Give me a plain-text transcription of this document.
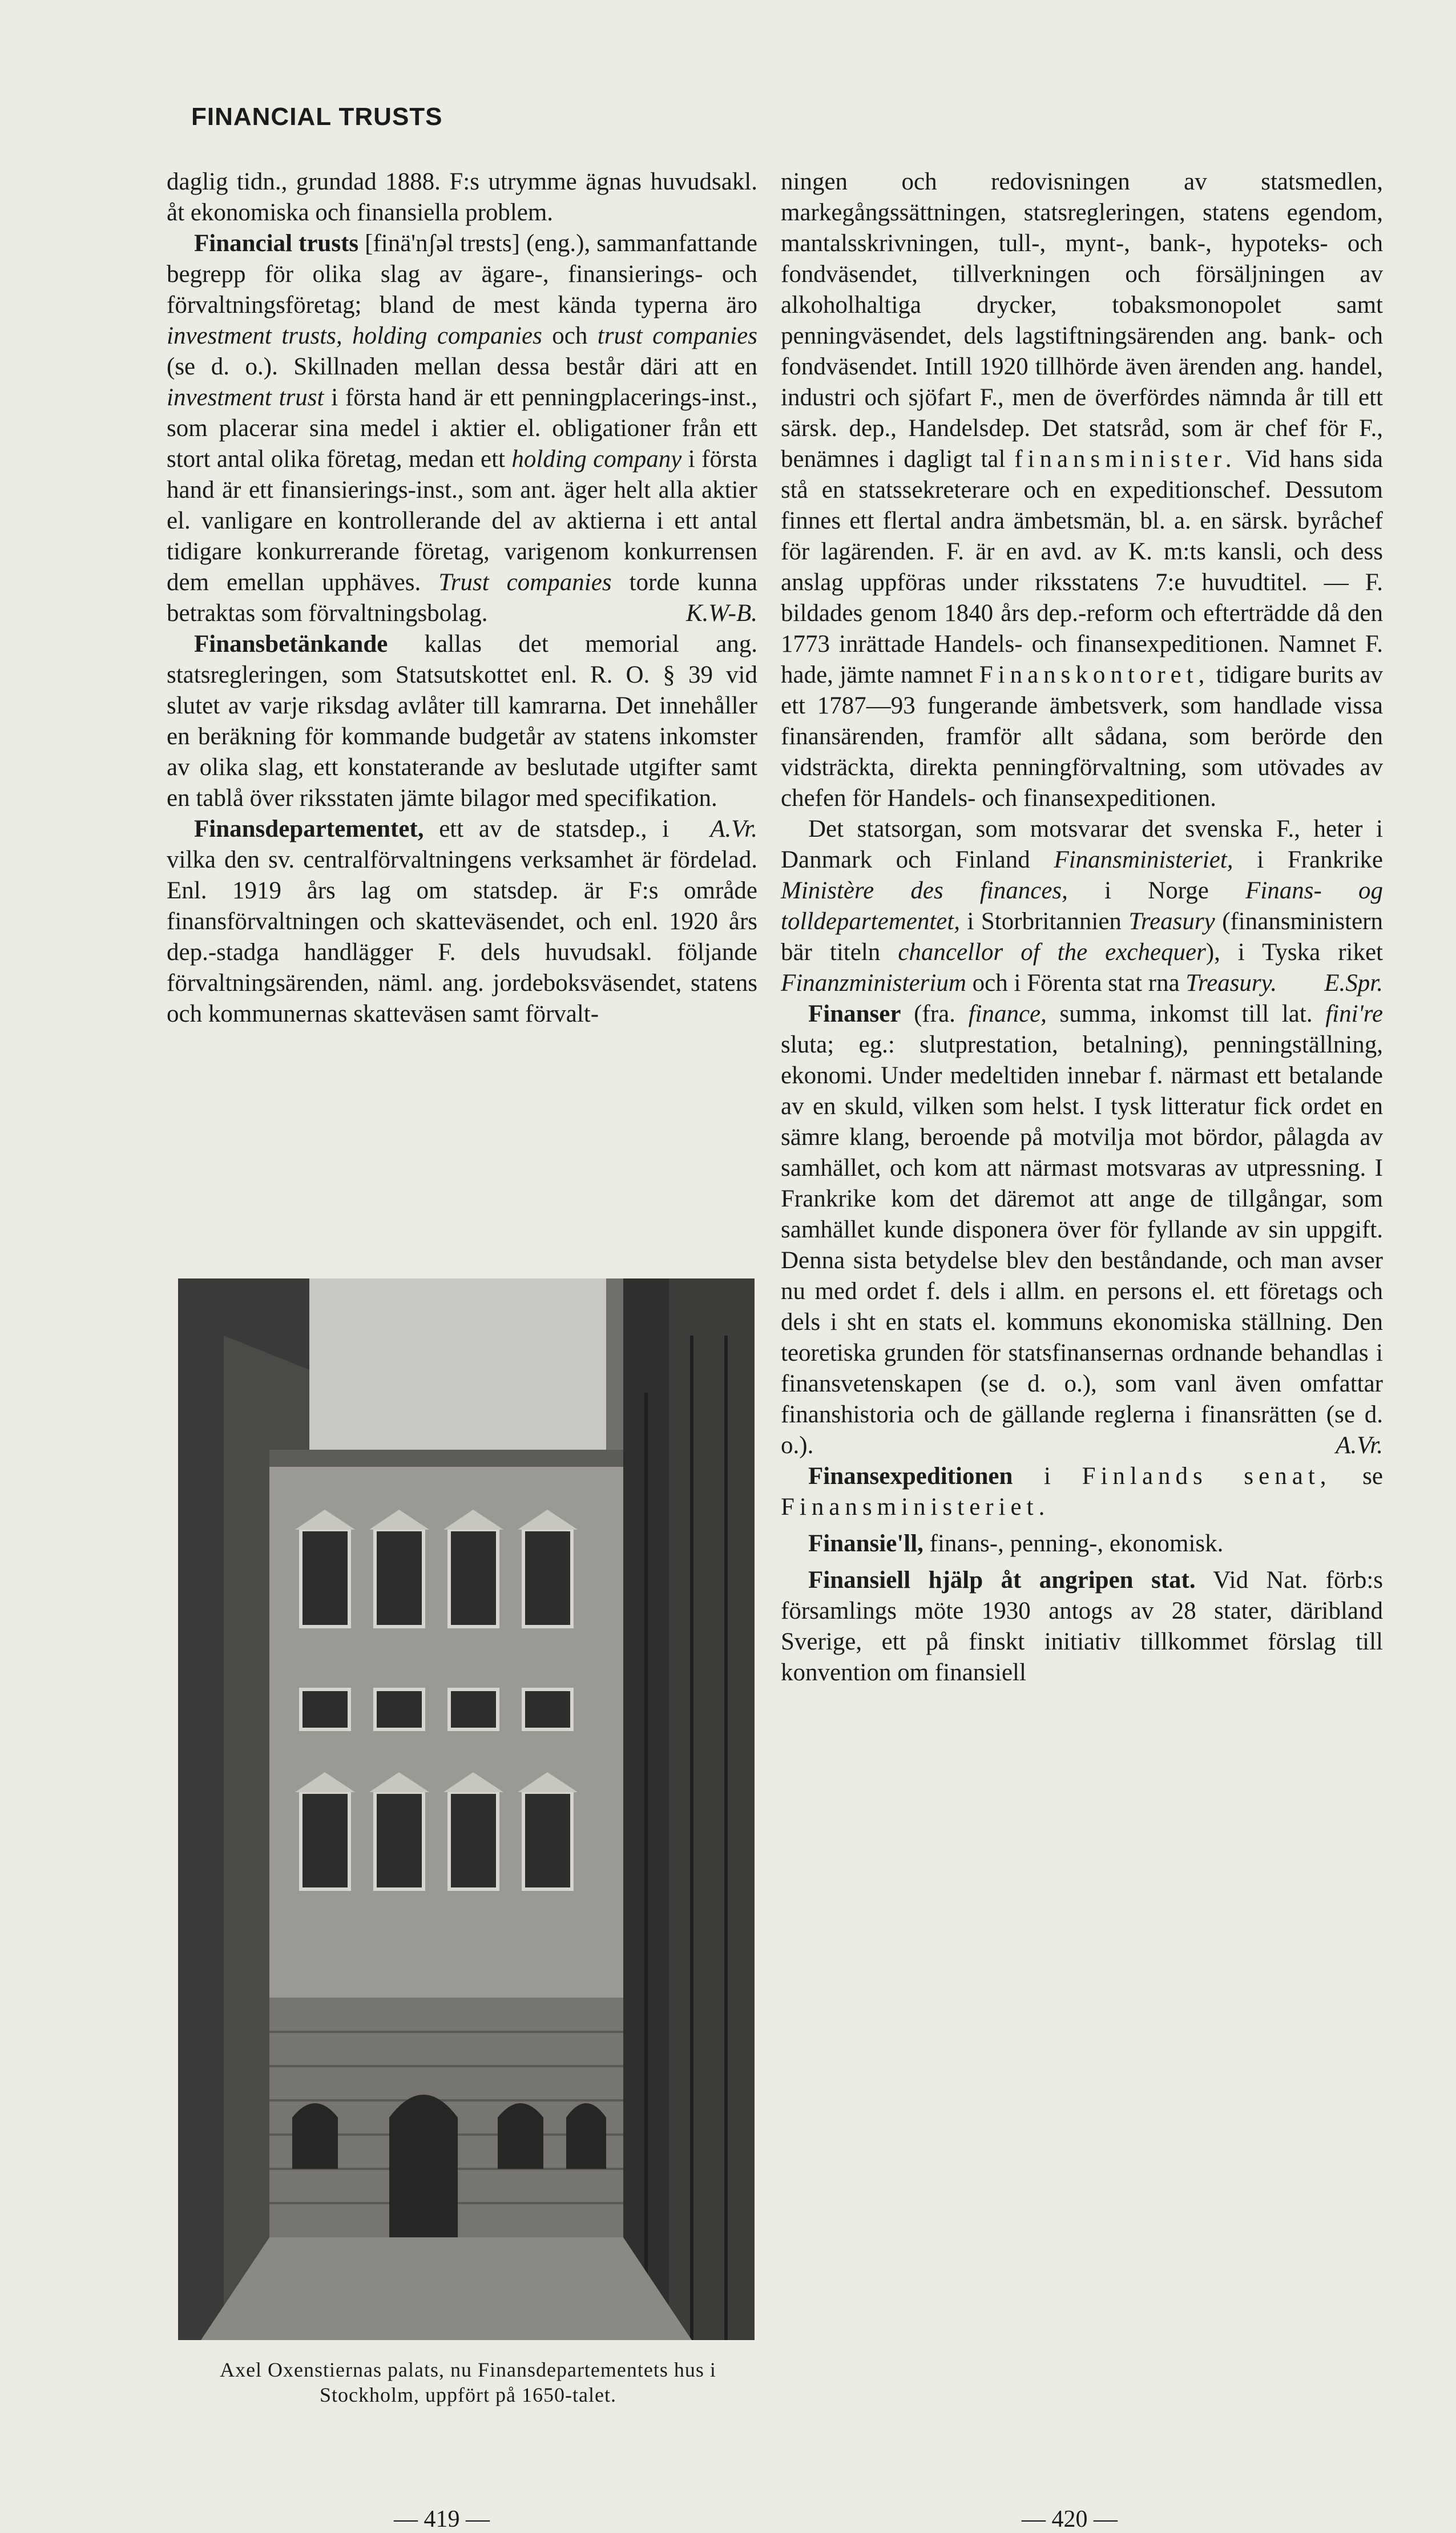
FINANCIAL TRUSTS

daglig tidn., grundad 1888. F:s utrymme ägnas huvudsakl. åt ekonomiska och finansiella problem.

Financial trusts [finä'nʃəl trɐsts] (eng.), sammanfattande begrepp för olika slag av ägare-, finansierings- och förvaltningsföretag; bland de mest kända typerna äro investment trusts, holding companies och trust companies (se d. o.). Skillnaden mellan dessa består däri att en investment trust i första hand är ett penningplacerings-inst., som placerar sina medel i aktier el. obligationer från ett stort antal olika företag, medan ett holding company i första hand är ett finansierings-inst., som ant. äger helt alla aktier el. vanligare en kontrollerande del av aktierna i ett antal tidigare konkurrerande företag, varigenom konkurrensen dem emellan upphäves. Trust companies torde kunna betraktas som förvaltningsbolag.	K.W-B.

Finansbetänkande kallas det memorial ang. statsregleringen, som Statsutskottet enl. R. O. § 39 vid slutet av varje riksdag avlåter till kamrarna. Det innehåller en beräkning för kommande budgetår av statens inkomster av olika slag, ett konstaterande av beslutade utgifter samt en tablå över riksstaten jämte bilagor med specifikation.
A.Vr.

Finansdepartementet, ett av de statsdep., i vilka den sv. centralförvaltningens verksamhet är fördelad. Enl. 1919 års lag om statsdep. är F:s område finansförvaltningen och skatteväsendet, och enl. 1920 års dep.-stadga handlägger F. dels huvudsakl. följande förvaltningsärenden, näml. ang. jordeboksväsendet, statens och kommunernas skatteväsen samt förvalt-

Axel Oxenstiernas palats, nu Finansdepartementets hus i Stockholm, uppfört på 1650-talet.

ningen och redovisningen av statsmedlen, markegångssättningen, statsregleringen, statens egendom, mantalsskrivningen, tull-, mynt-, bank-, hypoteks- och fondväsendet, tillverkningen och försäljningen av alkoholhaltiga drycker, tobaksmonopolet samt penningväsendet, dels lagstiftningsärenden ang. bank- och fondväsendet. Intill 1920 tillhörde även ärenden ang. handel, industri och sjöfart F., men de överfördes nämnda år till ett särsk. dep., Handelsdep. Det statsråd, som är chef för F., benämnes i dagligt tal finansminister. Vid hans sida stå en statssekreterare och en expeditionschef. Dessutom finnes ett flertal andra ämbetsmän, bl. a. en särsk. byråchef för lagärenden. F. är en avd. av K. m:ts kansli, och dess anslag uppföras under riksstatens 7:e huvudtitel. — F. bildades genom 1840 års dep.-reform och efterträdde då den 1773 inrättade Handels- och finansexpeditionen. Namnet F. hade, jämte namnet Finanskontoret, tidigare burits av ett 1787—93 fungerande ämbetsverk, som handlade vissa finansärenden, framför allt sådana, som berörde den vidsträckta, direkta penningförvaltning, som utövades av chefen för Handels- och finansexpeditionen.

Det statsorgan, som motsvarar det svenska F., heter i Danmark och Finland Finansministeriet, i Frankrike Ministère des finances, i Norge Finans- og tolldepartementet, i Storbritannien Treasury (finansministern bär titeln chancellor of the exchequer), i Tyska riket Finanzministerium och i Förenta stat rna Treasury.	E.Spr.

Finanser (fra. finance, summa, inkomst till lat. fini're sluta; eg.: slutprestation, betalning), penningställning, ekonomi. Under medeltiden innebar f. närmast ett betalande av en skuld, vilken som helst. I tysk litteratur fick ordet en sämre klang, beroende på motvilja mot bördor, pålagda av samhället, och kom att närmast motsvaras av utpressning. I Frankrike kom det däremot att ange de tillgångar, som samhället kunde disponera över för fyllande av sin uppgift. Denna sista betydelse blev den beståndande, och man avser nu med ordet f. dels i allm. en persons el. ett företags och dels i sht en stats el. kommuns ekonomiska ställning. Den teoretiska grunden för statsfinansernas ordnande behandlas i finansvetenskapen (se d. o.), som vanl även omfattar finanshistoria och de gällande reglerna i finansrätten (se d. o.).	A.Vr.

Finansexpeditionen i Finlands senat, se Finansministeriet.

Finansie'll, finans-, penning-, ekonomisk.

Finansiell hjälp åt angripen stat. Vid Nat. förb:s församlings möte 1930 antogs av 28 stater, däribland Sverige, ett på finskt initiativ tillkommet förslag till konvention om finansiell

— 419 —	— 420 —
